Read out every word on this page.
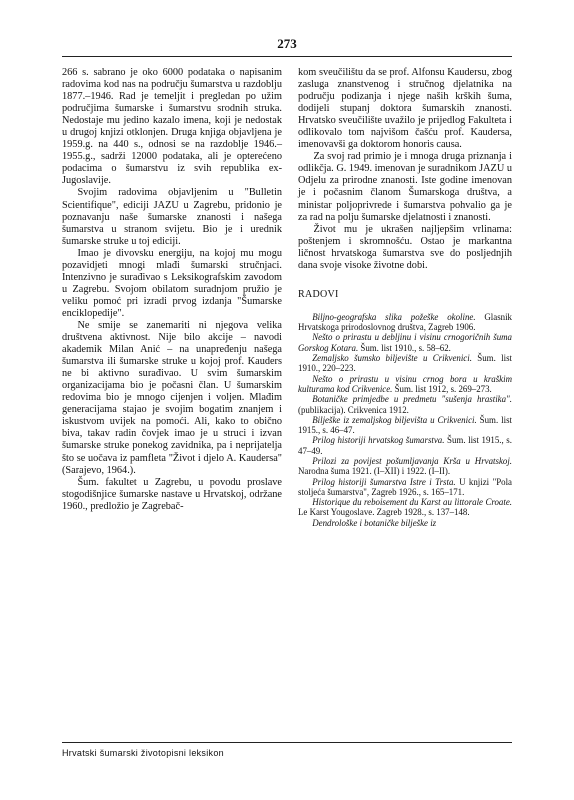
273

266 s. sabrano je oko 6000 podataka o napisanim radovima kod nas na području šumarstva u razdoblju 1877.–1946. Rad je temeljit i pregledan po užim područjima šumarske i šumarstvu srodnih struka. Nedostaje mu jedino kazalo imena, koji je nedostak u drugoj knjizi otklonjen. Druga knjiga objavljena je 1959.g. na 440 s., odnosi se na razdoblje 1946.–1955.g., sadrži 12000 podataka, ali je opterećeno podacima o šumarstvu iz svih republika ex-Jugoslavije.

Svojim radovima objavljenim u "Bulletin Scientifique", ediciji JAZU u Zagrebu, pridonio je poznavanju naše šumarske znanosti i našega šumarstva u stranom svijetu. Bio je i urednik šumarske struke u toj ediciji.

Imao je divovsku energiju, na kojoj mu mogu pozavidjeti mnogi mlađi šumarski stručnjaci. Intenzivno je surađivao s Leksikografskim zavodom u Zagrebu. Svojom obilatom suradnjom pružio je veliku pomoć pri izradi prvog izdanja "Šumarske enciklopedije".

Ne smije se zanemariti ni njegova velika društvena aktivnost. Nije bilo akcije – navodi akademik Milan Anić – na unapređenju našega šumarstva ili šumarske struke u kojoj prof. Kauders ne bi aktivno surađivao. U svim šumarskim organizacijama bio je počasni član. U šumarskim redovima bio je mnogo cijenjen i voljen. Mlađim generacijama stajao je svojim bogatim znanjem i iskustvom uvijek na pomoći. Ali, kako to obično biva, takav radin čovjek imao je u struci i izvan šumarske struke ponekog zavidnika, pa i neprijatelja što se uočava iz pamfleta "Život i djelo A. Kaudersa" (Sarajevo, 1964.).

Šum. fakultet u Zagrebu, u povodu proslave stogodišnjice šumarske nastave u Hrvatskoj, održane 1960., predložio je Zagrebač-

kom sveučilištu da se prof. Alfonsu Kaudersu, zbog zasluga znanstvenog i stručnog djelatnika na području podizanja i njege naših krških šuma, dodijeli stupanj doktora šumarskih znanosti. Hrvatsko sveučilište uvažilo je prijedlog Fakulteta i odlikovalo tom najvišom čašću prof. Kaudersa, imenovavši ga doktorom honoris causa.

Za svoj rad primio je i mnoga druga priznanja i odlikčja. G. 1949. imenovan je suradnikom JAZU u Odjelu za prirodne znanosti. Iste godine imenovan je i počasnim članom Šumarskoga društva, a ministar poljoprivrede i šumarstva pohvalio ga je za rad na polju šumarske djelatnosti i znanosti.

Život mu je ukrašen najljepšim vrlinama: poštenjem i skromnošću. Ostao je markantna ličnost hrvatskoga šumarstva sve do posljednjih dana svoje visoke životne dobi.

RADOVI

Biljno-geografska slika požeške okoline. Glasnik Hrvatskoga prirodoslovnog društva, Zagreb 1906.

Nešto o prirastu u debljinu i visinu crnogoričnih šuma Gorskog Kotara. Šum. list 1910., s. 58–62.

Zemaljsko šumsko bilјevište u Crikvenici. Šum. list 1910., 220–223.

Nešto o prirastu u visinu crnog bora u kraškim kulturama kod Crikvenice. Šum. list 1912, s. 269–273.

Botaničke primjedbe u predmetu "sušenja hrastika". (publikacija). Crikvenica 1912.

Bilješke iz zemaljskog biljevišta u Crikvenici. Šum. list 1915., s. 46–47.

Prilog historiji hrvatskog šumarstva. Šum. list 1915., s. 47–49.

Prilozi za povijest pošumljavanja Krša u Hrvatskoj. Narodna šuma 1921. (I–XII) i 1922. (I–II).

Prilog historiji šumarstva Istre i Trsta. U knjizi "Pola stoljeća šumarstva", Zagreb 1926., s. 165–171.

Historique du reboisement du Karst au littorale Croate. Le Karst Yougoslave. Zagreb 1928., s. 137–148.

Dendrološke i botaničke bilješke iz

Hrvatski šumarski životopisni leksikon
